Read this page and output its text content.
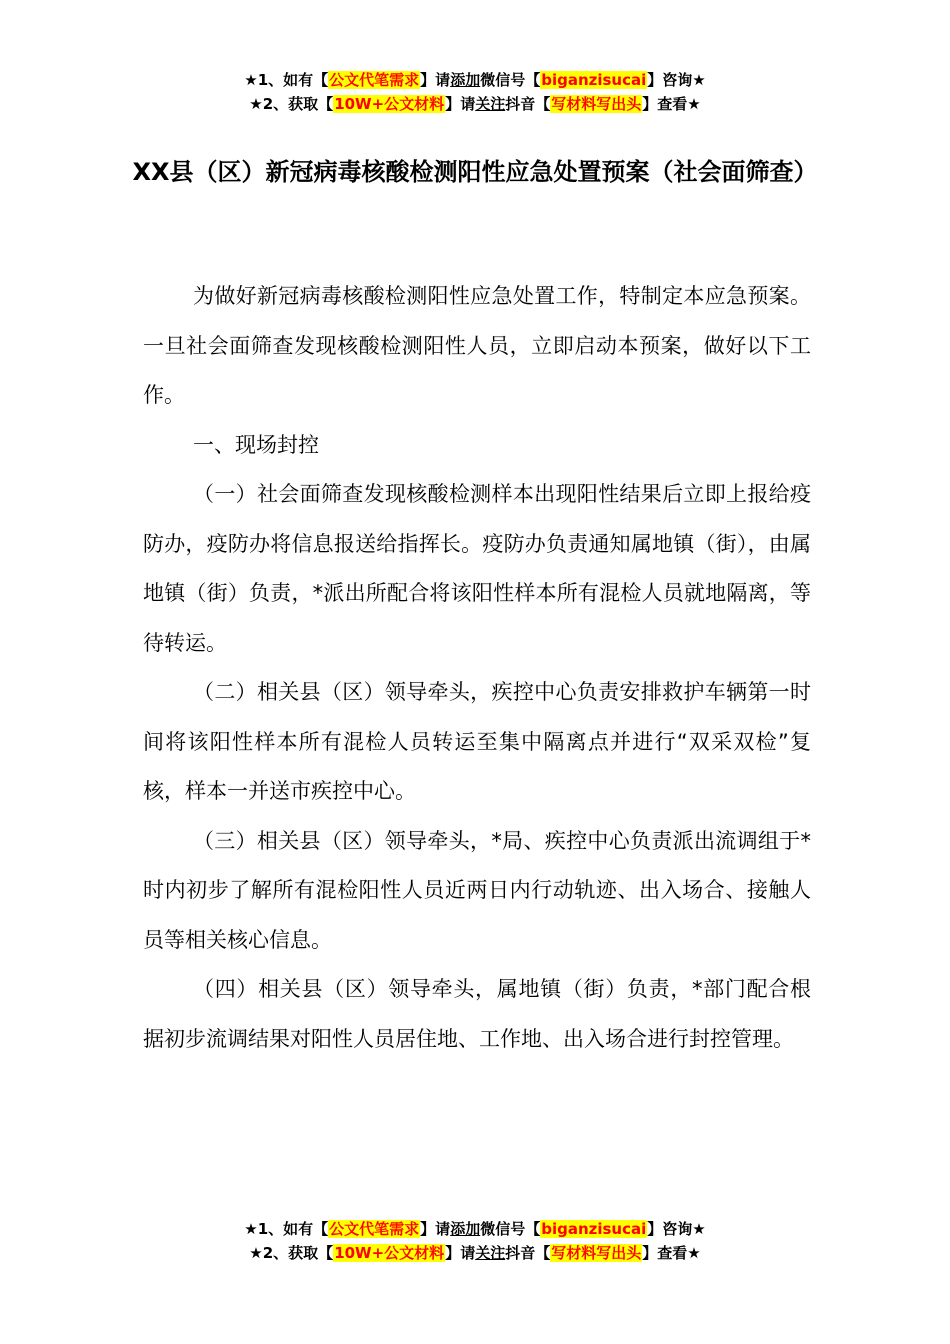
★1、如有【公文代笔需求】请添加微信号【biganzisucai】咨询★
★2、获取【10W+公文材料】请关注抖音【写材料写出头】查看★
XX县（区）新冠病毒核酸检测阳性应急处置预案（社会面筛查）

为做好新冠病毒核酸检测阳性应急处置工作，特制定本应急预案。一旦社会面筛查发现核酸检测阳性人员，立即启动本预案，做好以下工作。

一、现场封控

（一）社会面筛查发现核酸检测样本出现阳性结果后立即上报给疫防办，疫防办将信息报送给指挥长。疫防办负责通知属地镇（街），由属地镇（街）负责，*派出所配合将该阳性样本所有混检人员就地隔离，等待转运。

（二）相关县（区）领导牵头，疾控中心负责安排救护车辆第一时间将该阳性样本所有混检人员转运至集中隔离点并进行“双采双检”复核，样本一并送市疾控中心。

（三）相关县（区）领导牵头，*局、疾控中心负责派出流调组于*时内初步了解所有混检阳性人员近两日内行动轨迹、出入场合、接触人员等相关核心信息。

（四）相关县（区）领导牵头，属地镇（街）负责，*部门配合根据初步流调结果对阳性人员居住地、工作地、出入场合进行封控管理。

★1、如有【公文代笔需求】请添加微信号【biganzisucai】咨询★
★2、获取【10W+公文材料】请关注抖音【写材料写出头】查看★
